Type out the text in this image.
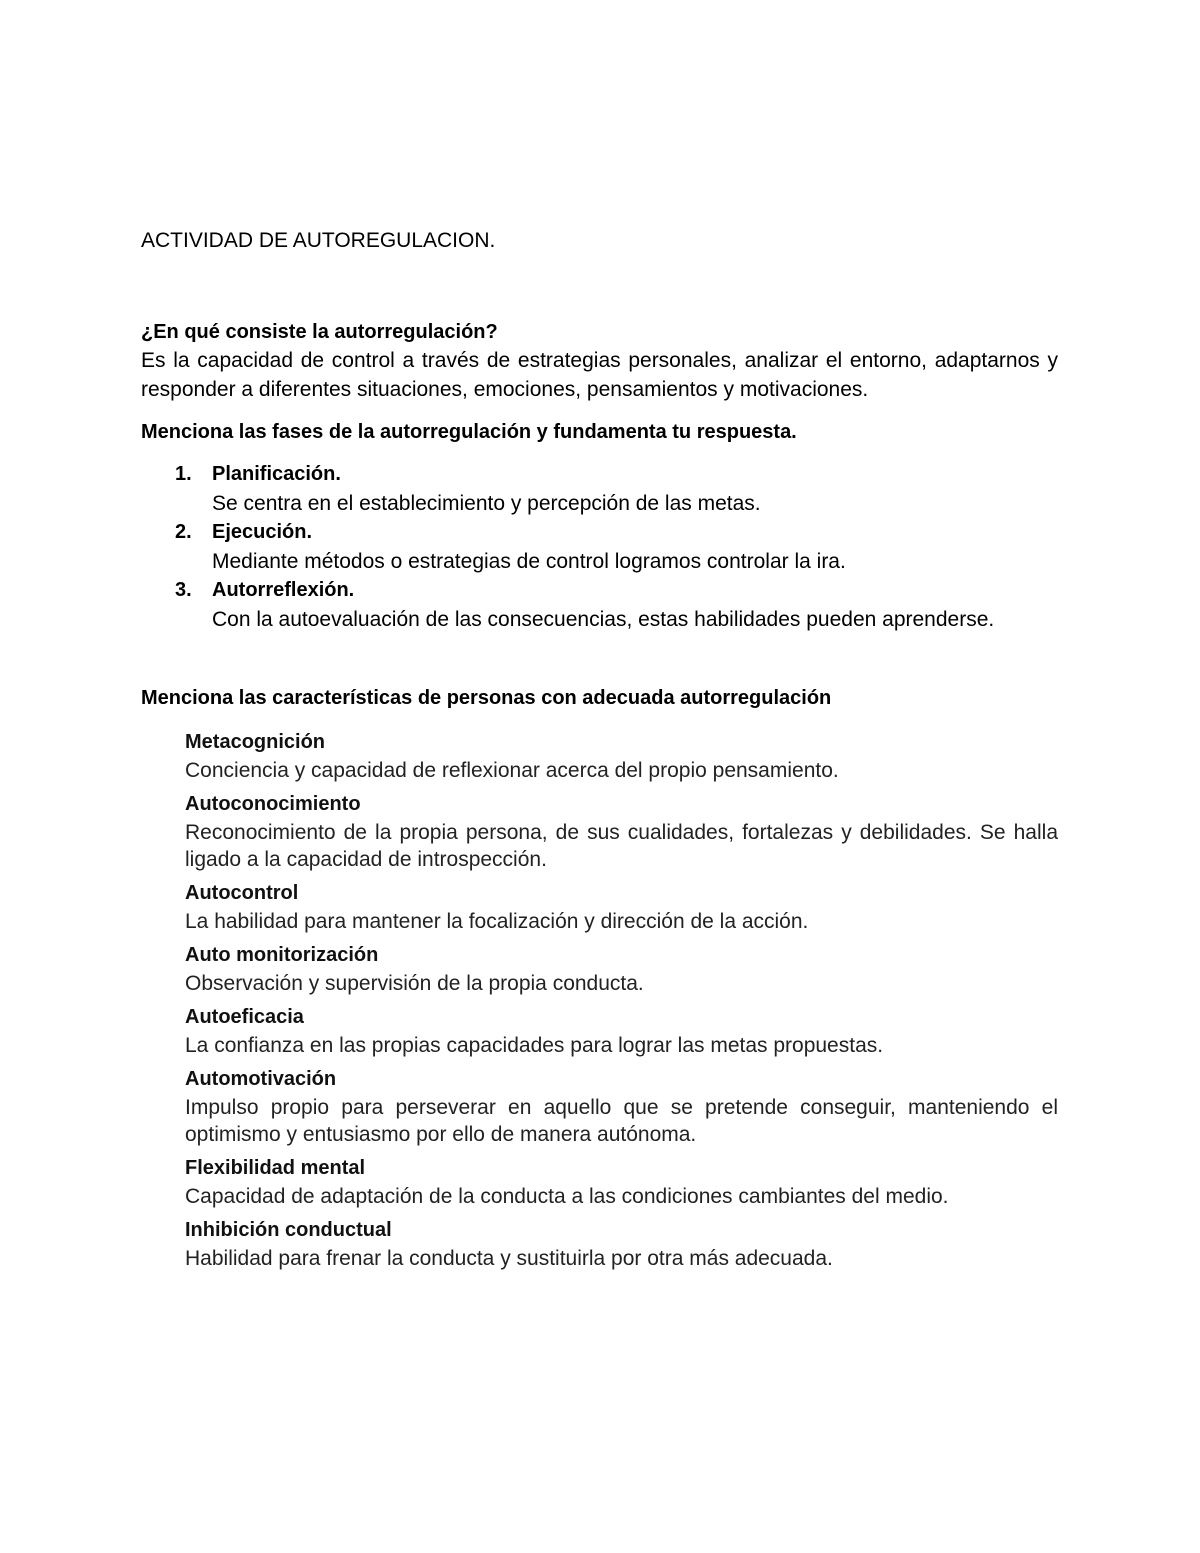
ACTIVIDAD DE AUTOREGULACION.

¿En qué consiste la autorregulación?

Es la capacidad de control a través de estrategias personales, analizar el entorno, adaptarnos y responder a diferentes situaciones, emociones, pensamientos y motivaciones.

Menciona las fases de la autorregulación y fundamenta tu respuesta.
1. Planificación.
Se centra en el establecimiento y percepción de las metas.
2. Ejecución.
Mediante métodos o estrategias de control logramos controlar la ira.
3. Autorreflexión.
Con la autoevaluación de las consecuencias, estas habilidades pueden aprenderse.
Menciona las características de personas con adecuada autorregulación
Metacognición
Conciencia y capacidad de reflexionar acerca del propio pensamiento.
Autoconocimiento
Reconocimiento de la propia persona, de sus cualidades, fortalezas y debilidades. Se halla ligado a la capacidad de introspección.
Autocontrol
La habilidad para mantener la focalización y dirección de la acción.
Auto monitorización
Observación y supervisión de la propia conducta.
Autoeficacia
La confianza en las propias capacidades para lograr las metas propuestas.
Automotivación
Impulso propio para perseverar en aquello que se pretende conseguir, manteniendo el optimismo y entusiasmo por ello de manera autónoma.
Flexibilidad mental
Capacidad de adaptación de la conducta a las condiciones cambiantes del medio.
Inhibición conductual
Habilidad para frenar la conducta y sustituirla por otra más adecuada.
